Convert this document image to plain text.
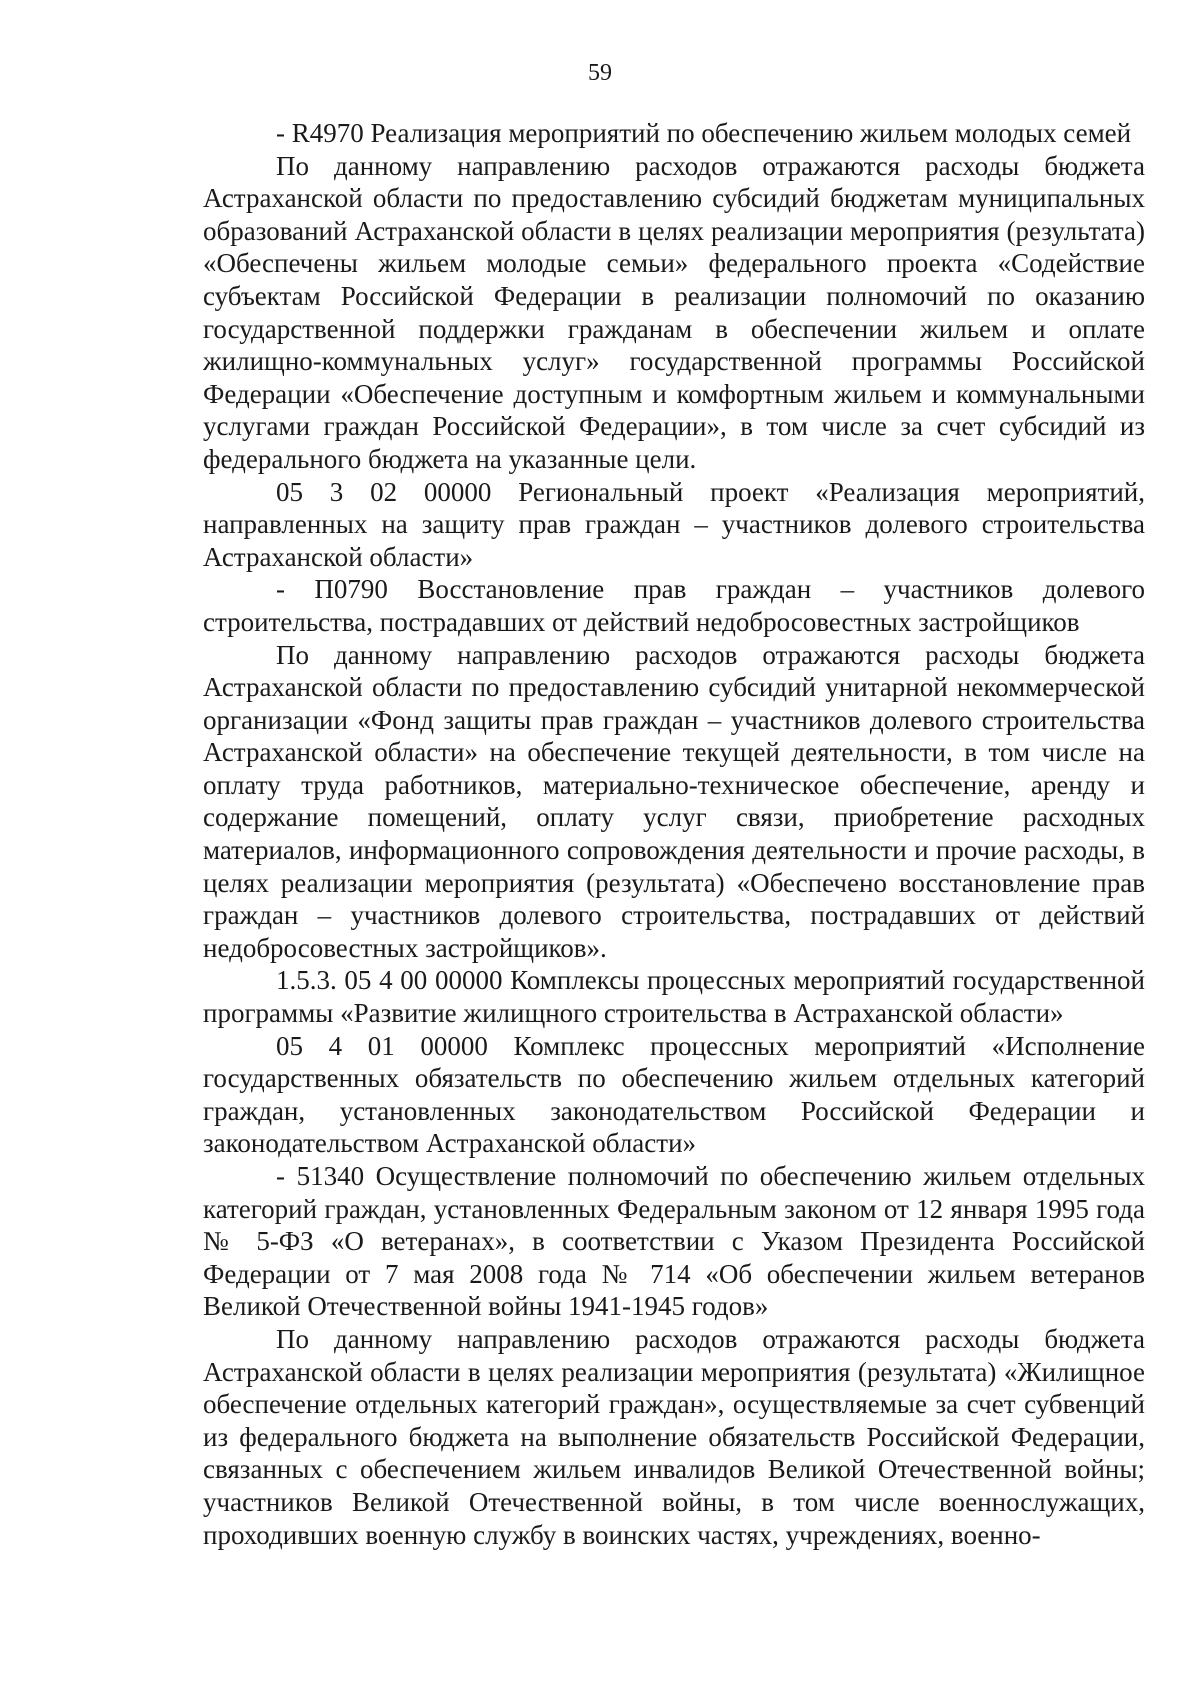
59

- R4970 Реализация мероприятий по обеспечению жильем молодых семей

По данному направлению расходов отражаются расходы бюджета Астраханской области по предоставлению субсидий бюджетам муниципальных образований Астраханской области в целях реализации мероприятия (результата) «Обеспечены жильем молодые семьи» федерального проекта «Содействие субъектам Российской Федерации в реализации полномочий по оказанию государственной поддержки гражданам в обеспечении жильем и оплате жилищно-коммунальных услуг» государственной программы Российской Федерации «Обеспечение доступным и комфортным жильем и коммунальными услугами граждан Российской Федерации», в том числе за счет субсидий из федерального бюджета на указанные цели.

05 3 02 00000 Региональный проект «Реализация мероприятий, направленных на защиту прав граждан – участников долевого строительства Астраханской области»

- П0790 Восстановление прав граждан – участников долевого строительства, пострадавших от действий недобросовестных застройщиков

По данному направлению расходов отражаются расходы бюджета Астраханской области по предоставлению субсидий унитарной некоммерческой организации «Фонд защиты прав граждан – участников долевого строительства Астраханской области» на обеспечение текущей деятельности, в том числе на оплату труда работников, материально-техническое обеспечение, аренду и содержание помещений, оплату услуг связи, приобретение расходных материалов, информационного сопровождения деятельности и прочие расходы, в целях реализации мероприятия (результата) «Обеспечено восстановление прав граждан – участников долевого строительства, пострадавших от действий недобросовестных застройщиков».

1.5.3. 05 4 00 00000 Комплексы процессных мероприятий государственной программы «Развитие жилищного строительства в Астраханской области»

05 4 01 00000 Комплекс процессных мероприятий «Исполнение государственных обязательств по обеспечению жильем отдельных категорий граждан, установленных законодательством Российской Федерации и законодательством Астраханской области»

- 51340 Осуществление полномочий по обеспечению жильем отдельных категорий граждан, установленных Федеральным законом от 12 января 1995 года № 5-ФЗ «О ветеранах», в соответствии с Указом Президента Российской Федерации от 7 мая 2008 года № 714 «Об обеспечении жильем ветеранов Великой Отечественной войны 1941-1945 годов»

По данному направлению расходов отражаются расходы бюджета Астраханской области в целях реализации мероприятия (результата) «Жилищное обеспечение отдельных категорий граждан», осуществляемые за счет субвенций из федерального бюджета на выполнение обязательств Российской Федерации, связанных с обеспечением жильем инвалидов Великой Отечественной войны; участников Великой Отечественной войны, в том числе военнослужащих, проходивших военную службу в воинских частях, учреждениях, военно-
